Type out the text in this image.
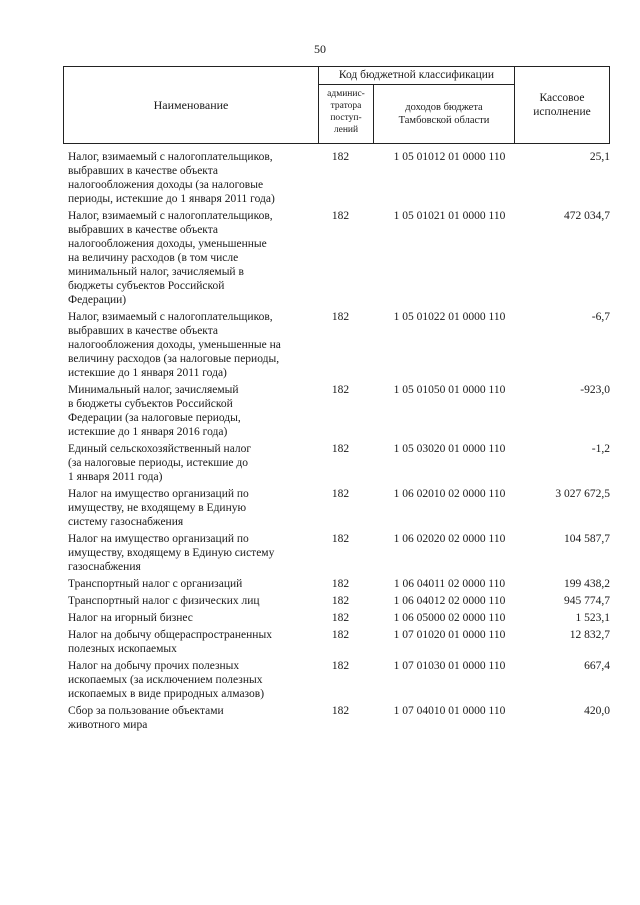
50
Наименование
Код бюджетной классификации
админис-
тратора
поступ-
лений
доходов бюджета
Тамбовской области
Кассовое
исполнение
Налог, взимаемый с налогоплательщиков,
выбравших в качестве объекта
налогообложения доходы (за налоговые
периоды, истекшие до 1 января 2011 года)
182	1 05 01012 01 0000 110	25,1
Налог, взимаемый с налогоплательщиков,
выбравших в качестве объекта
налогообложения доходы, уменьшенные
на величину расходов (в том числе
минимальный налог, зачисляемый в
бюджеты субъектов Российской
Федерации)
182	1 05 01021 01 0000 110	472 034,7
Налог, взимаемый с налогоплательщиков,
выбравших в качестве объекта
налогообложения доходы, уменьшенные на
величину расходов (за налоговые периоды,
истекшие до 1 января 2011 года)
182	1 05 01022 01 0000 110	-6,7
Минимальный налог, зачисляемый
в бюджеты субъектов Российской
Федерации (за налоговые периоды,
истекшие до 1 января 2016 года)
182	1 05 01050 01 0000 110	-923,0
Единый сельскохозяйственный налог
(за налоговые периоды, истекшие до
1 января 2011 года)
182	1 05 03020 01 0000 110	-1,2
Налог на имущество организаций по
имуществу, не входящему в Единую
систему газоснабжения
182	1 06 02010 02 0000 110	3 027 672,5
Налог на имущество организаций по
имуществу, входящему в Единую систему
газоснабжения
182	1 06 02020 02 0000 110	104 587,7
Транспортный налог с организаций	182	1 06 04011 02 0000 110	199 438,2
Транспортный налог с физических лиц	182	1 06 04012 02 0000 110	945 774,7
Налог на игорный бизнес	182	1 06 05000 02 0000 110	1 523,1
Налог на добычу общераспространенных
полезных ископаемых
182	1 07 01020 01 0000 110	12 832,7
Налог на добычу прочих полезных
ископаемых (за исключением полезных
ископаемых в виде природных алмазов)
182	1 07 01030 01 0000 110	667,4
Сбор за пользование объектами
животного мира
182	1 07 04010 01 0000 110	420,0
